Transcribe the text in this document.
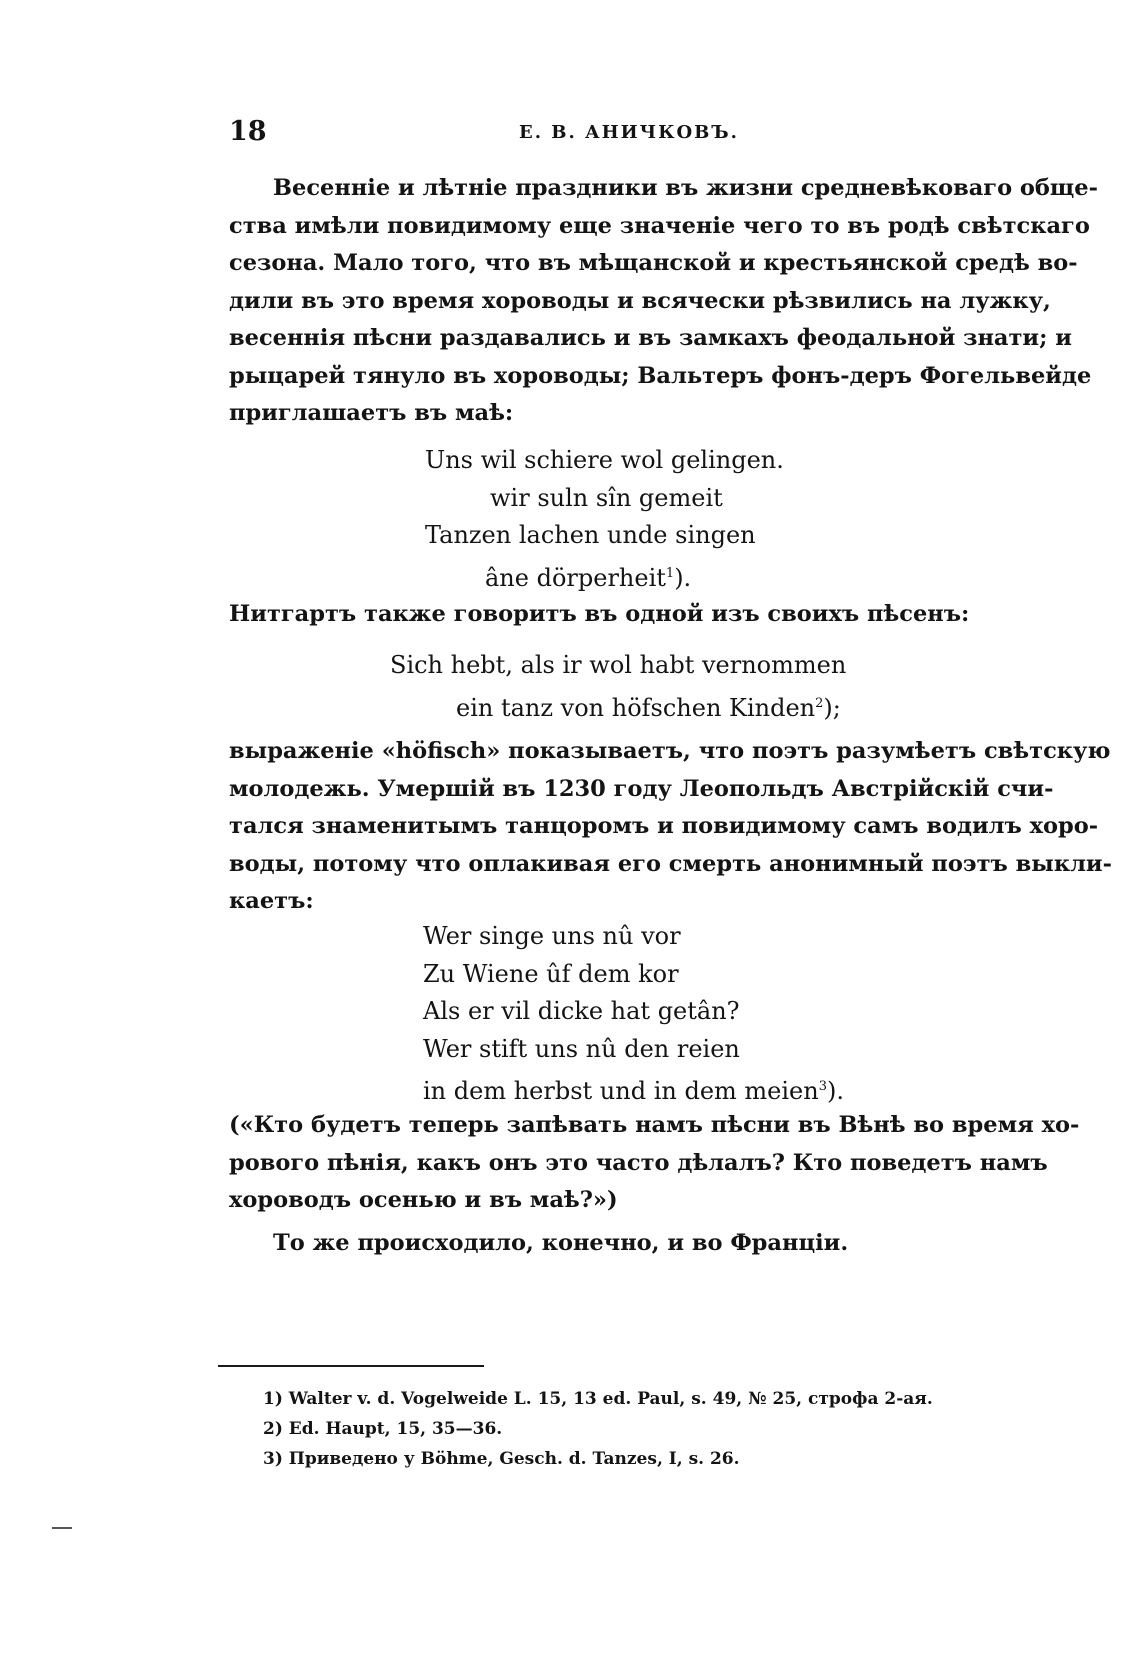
18	Е. В. АНИЧКОВЪ.

Весенніе и лѣтніе праздники въ жизни средневѣковаго обще-
ства имѣли повидимому еще значеніе чего то въ родѣ свѣтскаго
сезона. Мало того, что въ мѣщанской и крестьянской средѣ во-
дили въ это время хороводы и всячески рѣзвились на лужку,
весеннія пѣсни раздавались и въ замкахъ феодальной знати; и
рыцарей тянуло въ хороводы; Вальтеръ фонъ-деръ Фогельвейде
приглашаетъ въ маѣ:

Uns wil schiere wol gelingen.
wir suln sîn gemeit
Tanzen lachen unde singen
âne dörperheit$^1$).

Нитгартъ также говоритъ въ одной изъ своихъ пѣсенъ:

Sich hebt, als ir wol habt vernommen
ein tanz von höfschen Kinden$^2$);

выраженіе «höfisch» показываетъ, что поэтъ разумѣетъ свѣтскую
молодежь. Умершій въ 1230 году Леопольдъ Австрійскій счи-
тался знаменитымъ танцоромъ и повидимому самъ водилъ хоро-
воды, потому что оплакивая его смерть анонимный поэтъ выкли-
каетъ:

Wer singe uns nû vor
Zu Wiene ûf dem kor
Als er vil dicke hat getân?
Wer stift uns nû den reien
in dem herbst und in dem meien$^3$).

(«Кто будетъ теперь запѣвать намъ пѣсни въ Вѣнѣ во время хо-
рового пѣнія, какъ онъ это часто дѣлалъ? Кто поведетъ намъ
хороводъ осенью и въ маѣ?»)

То же происходило, конечно, и во Франціи.

1) Walter v. d. Vogelweide L. 15, 13 ed. Paul, s. 49, № 25, строфа 2-ая.
2) Ed. Haupt, 15, 35—36.
3) Приведено у Böhme, Gesch. d. Tanzes, I, s. 26.
